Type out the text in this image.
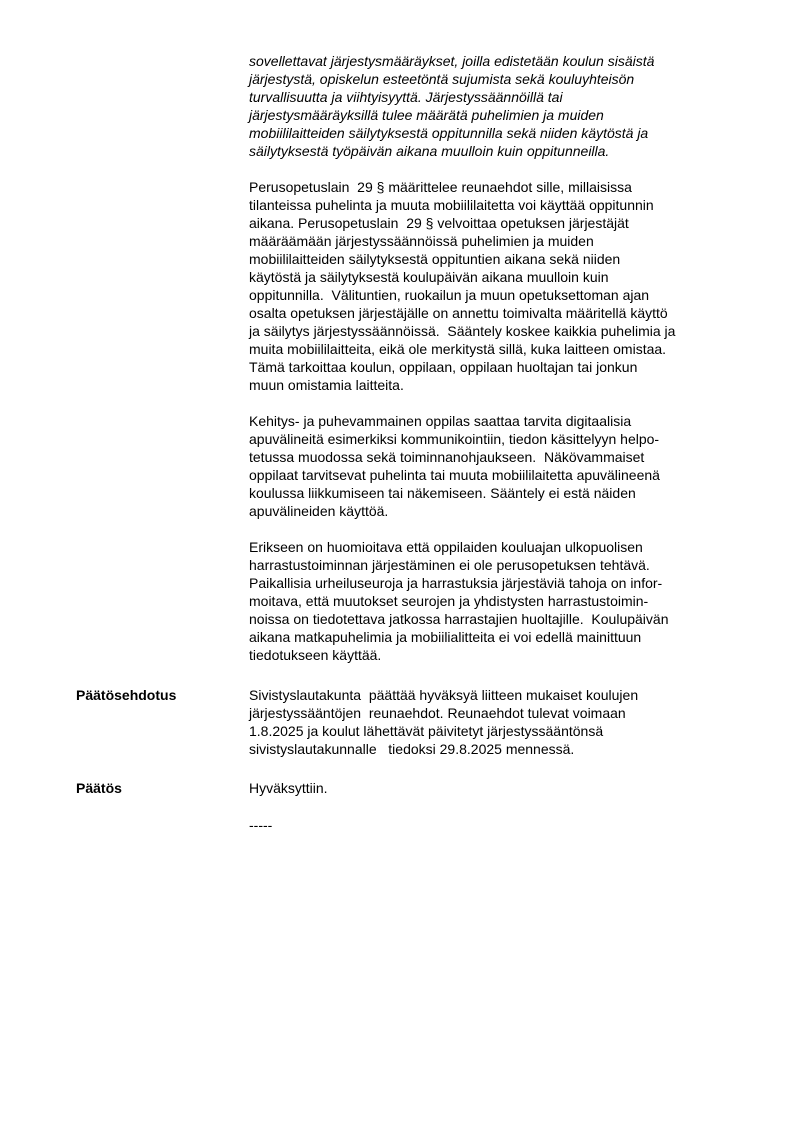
sovellettavat järjestysmääräykset, joilla edistetään koulun sisäistä
järjestystä, opiskelun esteetöntä sujumista sekä kouluyhteisön
turvallisuutta ja viihtyisyyttä. Järjestyssäännöillä tai
järjestysmääräyksillä tulee määrätä puhelimien ja muiden
mobiililaitteiden säilytyksestä oppitunnilla sekä niiden käytöstä ja
säilytyksestä työpäivän aikana muulloin kuin oppitunneilla.
Perusopetuslain  29 § määrittelee reunaehdot sille, millaisissa
tilanteissa puhelinta ja muuta mobiililaitetta voi käyttää oppitunnin
aikana. Perusopetuslain  29 § velvoittaa opetuksen järjestäjät
määräämään järjestyssäännöissä puhelimien ja muiden
mobiililaitteiden säilytyksestä oppituntien aikana sekä niiden
käytöstä ja säilytyksestä koulupäivän aikana muulloin kuin
oppitunnilla.  Välituntien, ruokailun ja muun opetuksettoman ajan
osalta opetuksen järjestäjälle on annettu toimivalta määritellä käyttö
ja säilytys järjestyssäännöissä.  Sääntely koskee kaikkia puhelimia ja
muita mobiililaitteita, eikä ole merkitystä sillä, kuka laitteen omistaa.
Tämä tarkoittaa koulun, oppilaan, oppilaan huoltajan tai jonkun
muun omistamia laitteita.
Kehitys- ja puhevammainen oppilas saattaa tarvita digitaalisia
apuvälineitä esimerkiksi kommunikointiin, tiedon käsittelyyn helpo-
tetussa muodossa sekä toiminnanohjaukseen.  Näkövammaiset
oppilaat tarvitsevat puhelinta tai muuta mobiililaitetta apuvälineenä
koulussa liikkumiseen tai näkemiseen. Sääntely ei estä näiden
apuvälineiden käyttöä.
Erikseen on huomioitava että oppilaiden kouluajan ulkopuolisen
harrastustoiminnan järjestäminen ei ole perusopetuksen tehtävä.
Paikallisia urheiluseuroja ja harrastuksia järjestäviä tahoja on infor-
moitava, että muutokset seurojen ja yhdistysten harrastustoimin-
noissa on tiedotettava jatkossa harrastajien huoltajille.  Koulupäivän
aikana matkapuhelimia ja mobiilialitteita ei voi edellä mainittuun
tiedotukseen käyttää.
Päätösehdotus	Sivistyslautakunta  päättää hyväksyä liitteen mukaiset koulujen
järjestyssääntöjen  reunaehdot. Reunaehdot tulevat voimaan
1.8.2025 ja koulut lähettävät päivitetyt järjestyssääntönsä
sivistyslautakunnalle   tiedoksi 29.8.2025 mennessä.
Päätös	Hyväksyttiin.
-----
